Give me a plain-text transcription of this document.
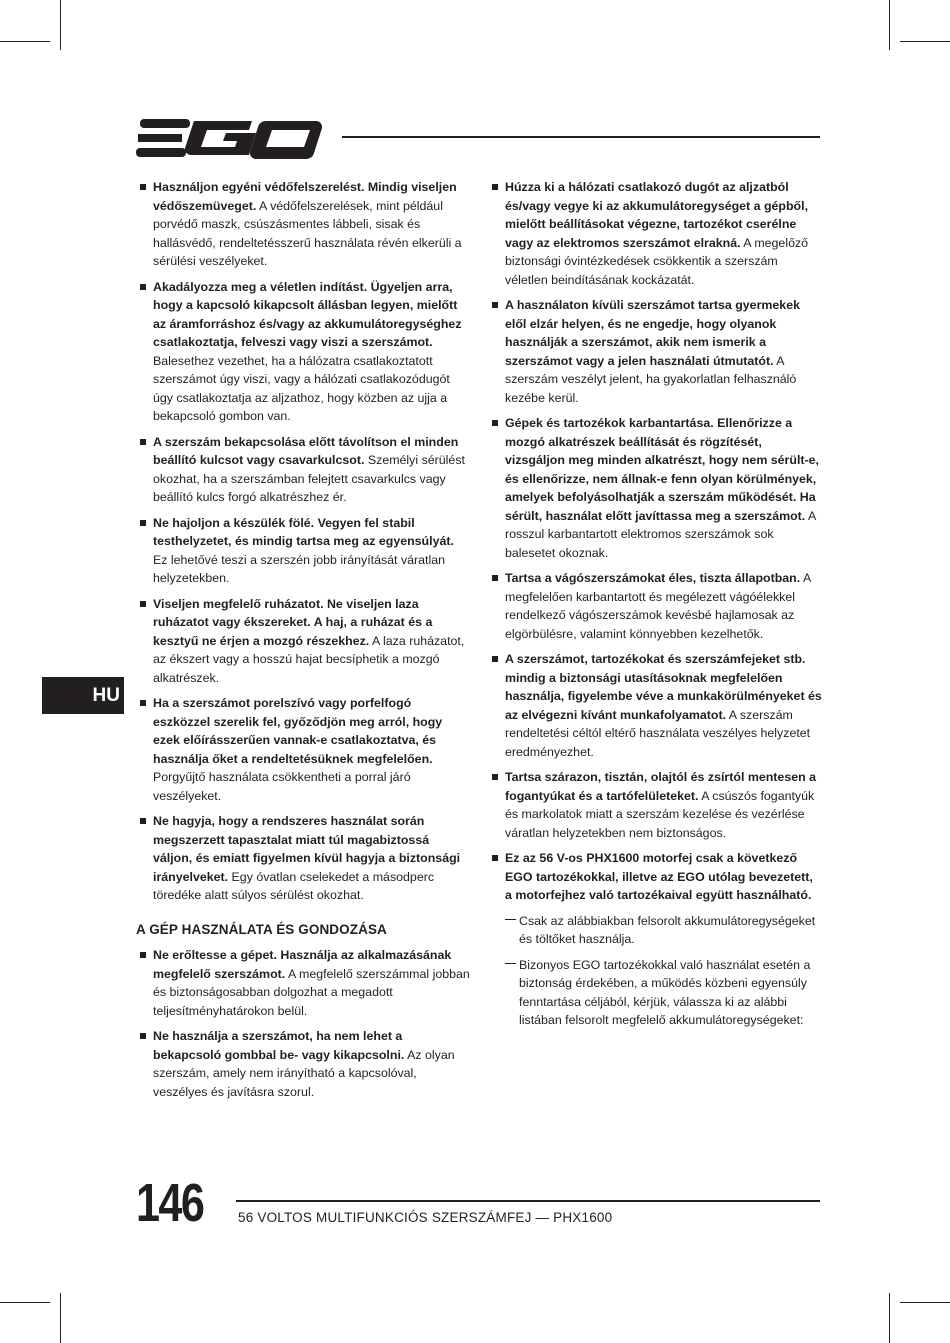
HU
Használjon egyéni védőfelszerelést. Mindig viseljen védőszemüveget. A védőfelszerelések, mint például porvédő maszk, csúszásmentes lábbeli, sisak és hallásvédő, rendeltetésszerű használata révén elkerüli a sérülési veszélyeket.
Akadályozza meg a véletlen indítást. Ügyeljen arra, hogy a kapcsoló kikapcsolt állásban legyen, mielőtt az áramforráshoz és/vagy az akkumulátoregységhez csatlakoztatja, felveszi vagy viszi a szerszámot. Balesethez vezethet, ha a hálózatra csatlakoztatott szerszámot úgy viszi, vagy a hálózati csatlakozódugót úgy csatlakoztatja az aljzathoz, hogy közben az ujja a bekapcsoló gombon van.
A szerszám bekapcsolása előtt távolítson el minden beállító kulcsot vagy csavarkulcsot. Személyi sérülést okozhat, ha a szerszámban felejtett csavarkulcs vagy beállító kulcs forgó alkatrészhez ér.
Ne hajoljon a készülék fölé. Vegyen fel stabil testhelyzetet, és mindig tartsa meg az egyensúlyát. Ez lehetővé teszi a szerszén jobb irányítását váratlan helyzetekben.
Viseljen megfelelő ruházatot. Ne viseljen laza ruházatot vagy ékszereket. A haj, a ruházat és a kesztyű ne érjen a mozgó részekhez. A laza ruházatot, az ékszert vagy a hosszú hajat becsíphetik a mozgó alkatrészek.
Ha a szerszámot porelszívó vagy porfelfogó eszközzel szerelik fel, győződjön meg arról, hogy ezek előírásszerűen vannak-e csatlakoztatva, és használja őket a rendeltetésüknek megfelelően. Porgyűjtő használata csökkentheti a porral járó veszélyeket.
Ne hagyja, hogy a rendszeres használat során megszerzett tapasztalat miatt túl magabiztossá váljon, és emiatt figyelmen kívül hagyja a biztonsági irányelveket. Egy óvatlan cselekedet a másodperc töredéke alatt súlyos sérülést okozhat.
A GÉP HASZNÁLATA ÉS GONDOZÁSA
Ne erőltesse a gépet. Használja az alkalmazásának megfelelő szerszámot. A megfelelő szerszámmal jobban és biztonságosabban dolgozhat a megadott teljesítményhatárokon belül.
Ne használja a szerszámot, ha nem lehet a bekapcsoló gombbal be- vagy kikapcsolni. Az olyan szerszám, amely nem irányítható a kapcsolóval, veszélyes és javításra szorul.
Húzza ki a hálózati csatlakozó dugót az aljzatból és/vagy vegye ki az akkumulátoregységet a gépből, mielőtt beállításokat végezne, tartozékot cserélne vagy az elektromos szerszámot elrakná. A megelőző biztonsági óvintézkedések csökkentik a szerszám véletlen beindításának kockázatát.
A használaton kívüli szerszámot tartsa gyermekek elől elzár helyen, és ne engedje, hogy olyanok használják a szerszámot, akik nem ismerik a szerszámot vagy a jelen használati útmutatót. A szerszám veszélyt jelent, ha gyakorlatlan felhasználó kezébe kerül.
Gépek és tartozékok karbantartása. Ellenőrizze a mozgó alkatrészek beállítását és rögzítését, vizsgáljon meg minden alkatrészt, hogy nem sérült-e, és ellenőrizze, nem állnak-e fenn olyan körülmények, amelyek befolyásolhatják a szerszám működését. Ha sérült, használat előtt javíttassa meg a szerszámot. A rosszul karbantartott elektromos szerszámok sok balesetet okoznak.
Tartsa a vágószerszámokat éles, tiszta állapotban. A megfelelően karbantartott és megélezett vágóélekkel rendelkező vágószerszámok kevésbé hajlamosak az elgörbülésre, valamint könnyebben kezelhetők.
A szerszámot, tartozékokat és szerszámfejeket stb. mindig a biztonsági utasításoknak megfelelően használja, figyelembe véve a munkakörülményeket és az elvégezni kívánt munkafolyamatot. A szerszám rendeltetési céltól eltérő használata veszélyes helyzetet eredményezhet.
Tartsa szárazon, tisztán, olajtól és zsírtól mentesen a fogantyúkat és a tartófelületeket. A csúszós fogantyúk és markolatok miatt a szerszám kezelése és vezérlése váratlan helyzetekben nem biztonságos.
Ez az 56 V-os PHX1600 motorfej csak a következő EGO tartozékokkal, illetve az EGO utólag bevezetett, a motorfejhez való tartozékaival együtt használható.
Csak az alábbiakban felsorolt akkumulátoregységeket és töltőket használja.
Bizonyos EGO tartozékokkal való használat esetén a biztonság érdekében, a működés közbeni egyensúly fenntartása céljából, kérjük, válassza ki az alábbi listában felsorolt megfelelő akkumulátoregységeket:
146	56 VOLTOS MULTIFUNKCIÓS SZERSZÁMFEJ — PHX1600
